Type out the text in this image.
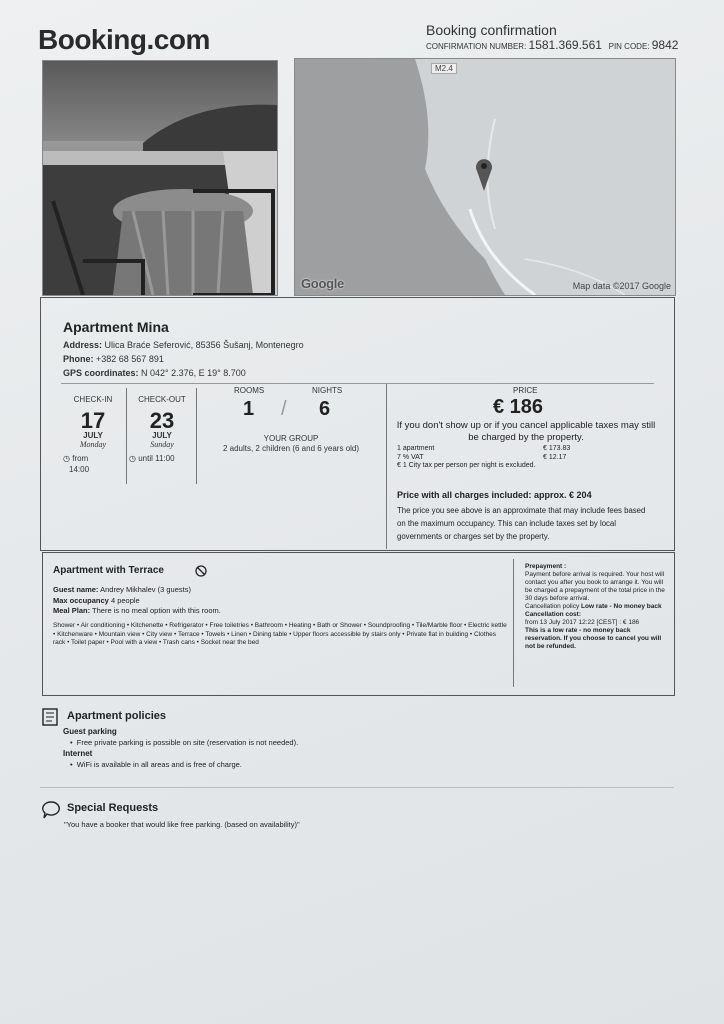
Booking.com	Booking confirmation
CONFIRMATION NUMBER: 1581.369.561 PIN CODE: 9842
M2.4
Google	Map data ©2017 Google
Apartment Mina
Address: Ulica Braće Seferović, 85356 Šušanj, Montenegro
Phone: +382 68 567 891
GPS coordinates: N 042° 2.376, E 19° 8.700
CHECK-IN
17
JULY
Monday
◷ from
14:00
CHECK-OUT
23
JULY
Sunday
◷ until 11:00
ROOMS	NIGHTS
1 / 6
YOUR GROUP
2 adults, 2 children (6 and 6 years old)
PRICE
€ 186
If you don't show up or if you cancel applicable taxes may still be charged by the property.
1 apartment	€ 173.83
7 % VAT	€ 12.17
€ 1 City tax per person per night is excluded.
Price with all charges included: approx. € 204
The price you see above is an approximate that may include fees based on the maximum occupancy. This can include taxes set by local governments or charges set by the property.
Apartment with Terrace
Guest name: Andrey Mikhalev (3 guests)
Max occupancy 4 people
Meal Plan: There is no meal option with this room.
Shower • Air conditioning • Kitchenette • Refrigerator • Free toiletries • Bathroom • Heating • Bath or Shower • Soundproofing • Tile/Marble floor • Electric kettle • Kitchenware • Mountain view • City view • Terrace • Towels • Linen • Dining table • Upper floors accessible by stairs only • Private flat in building • Clothes rack • Toilet paper • Pool with a view • Trash cans • Socket near the bed
Prepayment :
Payment before arrival is required. Your host will contact you after you book to arrange it. You will be charged a prepayment of the total price in the 30 days before arrival.
Cancellation policy Low rate - No money back
Cancellation cost:
from 13 July 2017 12:22 [CEST] : € 186
This is a low rate - no money back reservation. If you choose to cancel you will not be refunded.
Apartment policies
Guest parking
•  Free private parking is possible on site (reservation is not needed).
Internet
•  WiFi is available in all areas and is free of charge.
Special Requests
"You have a booker that would like free parking. (based on availability)"
